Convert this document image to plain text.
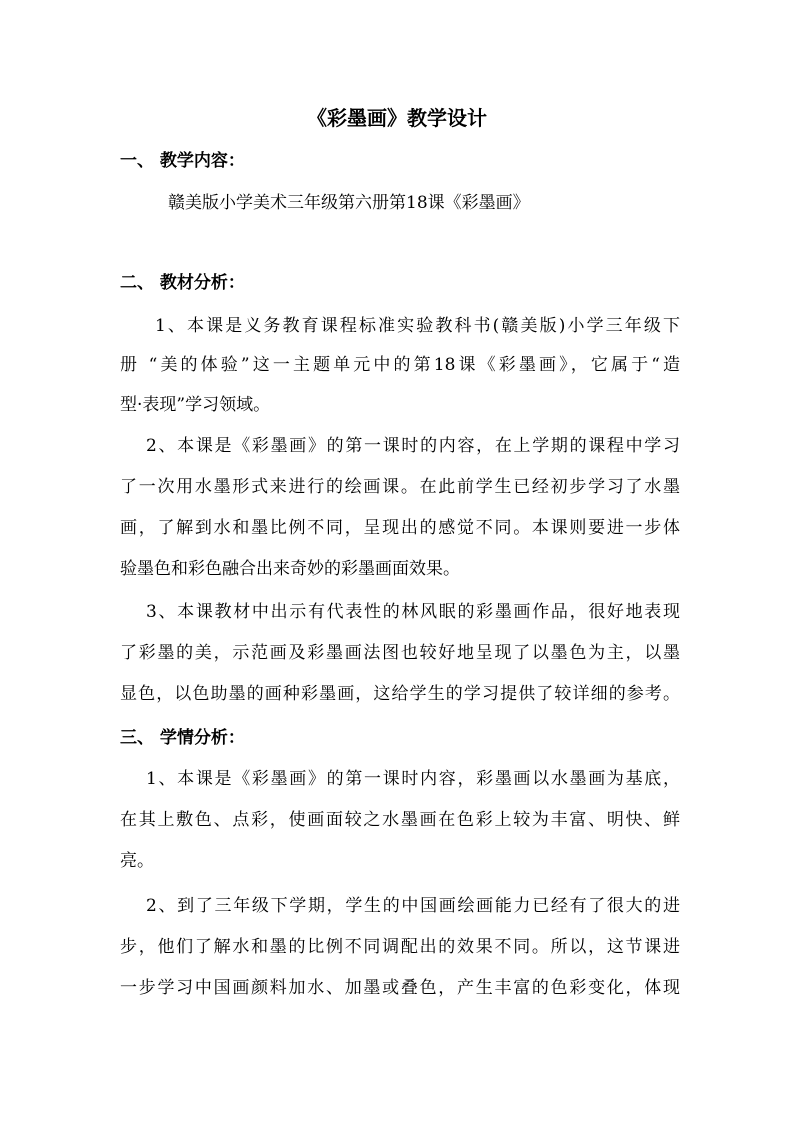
《彩墨画》教学设计
一、 教学内容：
赣美版小学美术三年级第六册第18课《彩墨画》
二、 教材分析：
1、本课是义务教育课程标准实验教科书(赣美版)小学三年级下
册 “美的体验”这一主题单元中的第18课《彩墨画》，它属于“造
型·表现”学习领域。
2、本课是《彩墨画》的第一课时的内容，在上学期的课程中学习
了一次用水墨形式来进行的绘画课。在此前学生已经初步学习了水墨
画，了解到水和墨比例不同，呈现出的感觉不同。本课则要进一步体
验墨色和彩色融合出来奇妙的彩墨画面效果。
3、本课教材中出示有代表性的林风眠的彩墨画作品，很好地表现
了彩墨的美，示范画及彩墨画法图也较好地呈现了以墨色为主，以墨
显色，以色助墨的画种彩墨画，这给学生的学习提供了较详细的参考。
三、 学情分析：
1、本课是《彩墨画》的第一课时内容，彩墨画以水墨画为基底，
在其上敷色、点彩，使画面较之水墨画在色彩上较为丰富、明快、鲜
亮。
2、到了三年级下学期，学生的中国画绘画能力已经有了很大的进
步，他们了解水和墨的比例不同调配出的效果不同。所以，这节课进
一步学习中国画颜料加水、加墨或叠色，产生丰富的色彩变化，体现
